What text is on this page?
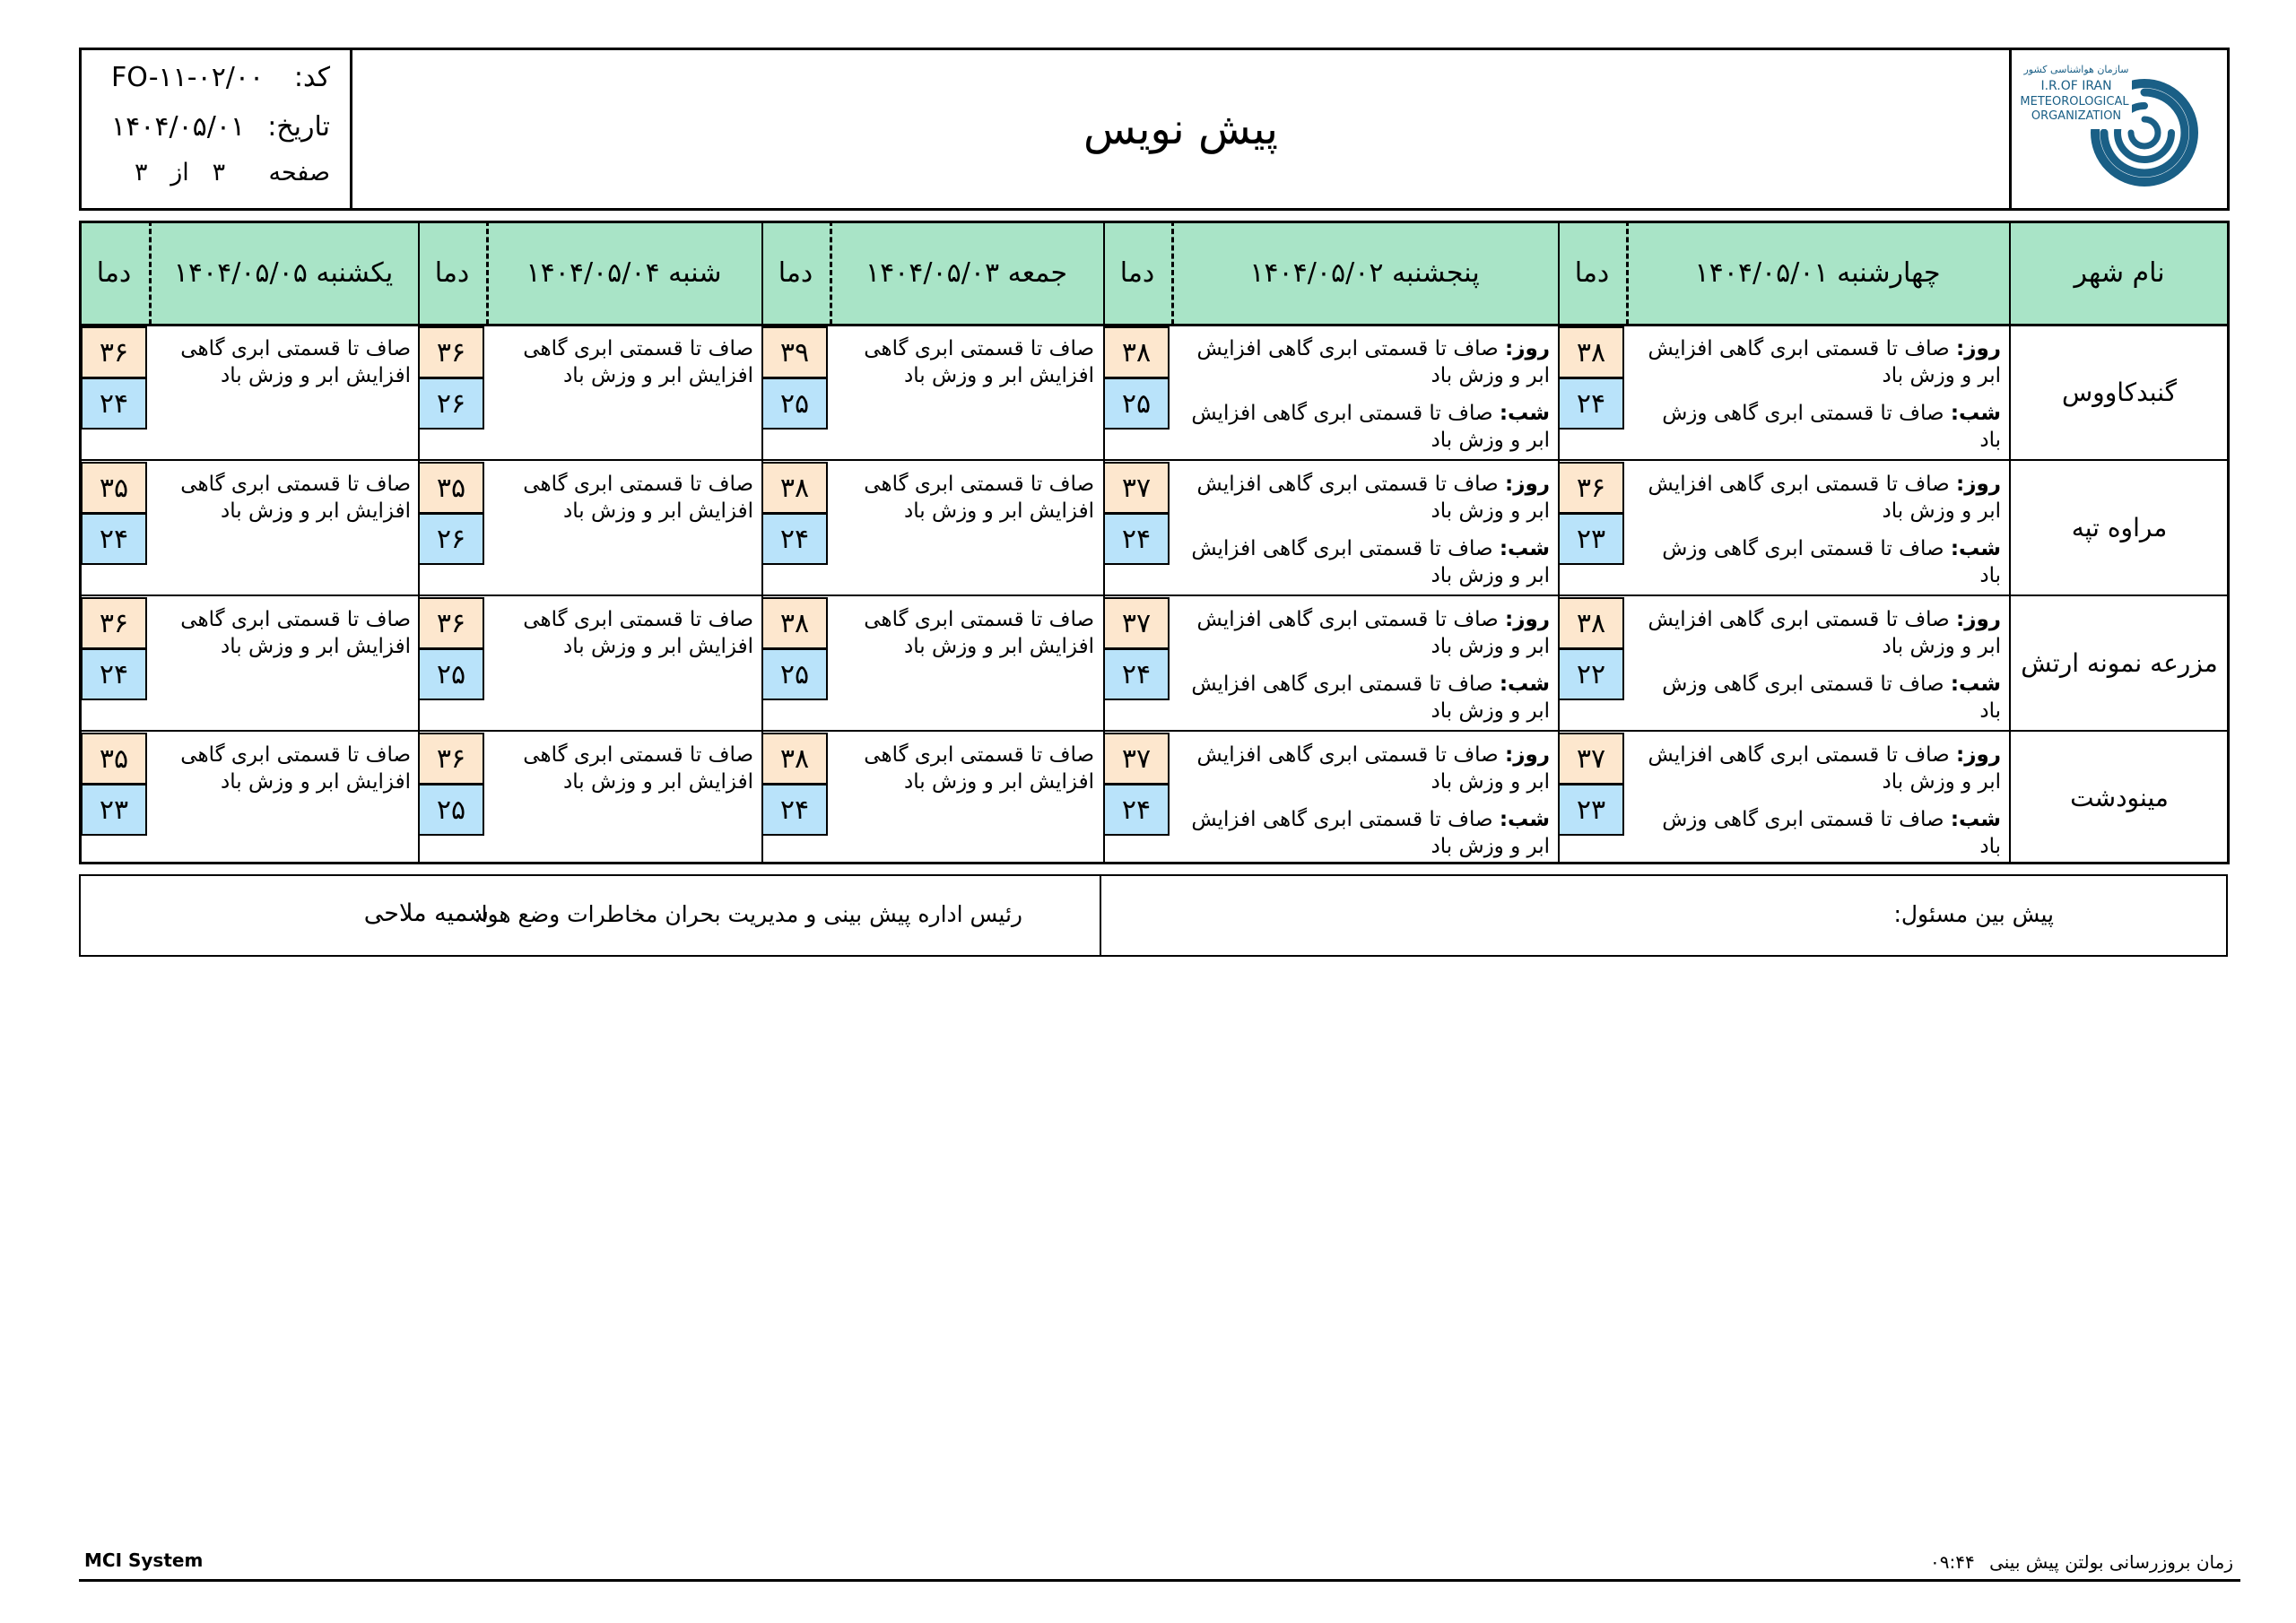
کد:
FO-۱۱-۰۲/۰۰
تاریخ:
۱۴۰۴/۰۵/۰۱
صفحه
۳   از   ۳
پیش نویس
سازمان هواشناسی کشور
I.R.OF IRAN
METEOROLOGICAL
ORGANIZATION
نام شهر
چهارشنبه ۱۴۰۴/۰۵/۰۱
دما
پنجشنبه ۱۴۰۴/۰۵/۰۲
دما
جمعه ۱۴۰۴/۰۵/۰۳
دما
شنبه ۱۴۰۴/۰۵/۰۴
دما
یکشنبه ۱۴۰۴/۰۵/۰۵
دما
گنبدکاووس
روز: صاف تا قسمتی ابری گاهی افزایش ابر و وزش باد
شب: صاف تا قسمتی ابری گاهی وزش باد
۳۸
۲۴
روز: صاف تا قسمتی ابری گاهی افزایش ابر و وزش باد
شب: صاف تا قسمتی ابری گاهی افزایش ابر و وزش باد
۳۸
۲۵
صاف تا قسمتی ابری گاهی افزایش ابر و وزش باد
۳۹
۲۵
صاف تا قسمتی ابری گاهی افزایش ابر و وزش باد
۳۶
۲۶
صاف تا قسمتی ابری گاهی افزایش ابر و وزش باد
۳۶
۲۴
مراوه تپه
روز: صاف تا قسمتی ابری گاهی افزایش ابر و وزش باد
شب: صاف تا قسمتی ابری گاهی وزش باد
۳۶
۲۳
روز: صاف تا قسمتی ابری گاهی افزایش ابر و وزش باد
شب: صاف تا قسمتی ابری گاهی افزایش ابر و وزش باد
۳۷
۲۴
صاف تا قسمتی ابری گاهی افزایش ابر و وزش باد
۳۸
۲۴
صاف تا قسمتی ابری گاهی افزایش ابر و وزش باد
۳۵
۲۶
صاف تا قسمتی ابری گاهی افزایش ابر و وزش باد
۳۵
۲۴
مزرعه نمونه ارتش
روز: صاف تا قسمتی ابری گاهی افزایش ابر و وزش باد
شب: صاف تا قسمتی ابری گاهی وزش باد
۳۸
۲۲
روز: صاف تا قسمتی ابری گاهی افزایش ابر و وزش باد
شب: صاف تا قسمتی ابری گاهی افزایش ابر و وزش باد
۳۷
۲۴
صاف تا قسمتی ابری گاهی افزایش ابر و وزش باد
۳۸
۲۵
صاف تا قسمتی ابری گاهی افزایش ابر و وزش باد
۳۶
۲۵
صاف تا قسمتی ابری گاهی افزایش ابر و وزش باد
۳۶
۲۴
مینودشت
روز: صاف تا قسمتی ابری گاهی افزایش ابر و وزش باد
شب: صاف تا قسمتی ابری گاهی وزش باد
۳۷
۲۳
روز: صاف تا قسمتی ابری گاهی افزایش ابر و وزش باد
شب: صاف تا قسمتی ابری گاهی افزایش ابر و وزش باد
۳۷
۲۴
صاف تا قسمتی ابری گاهی افزایش ابر و وزش باد
۳۸
۲۴
صاف تا قسمتی ابری گاهی افزایش ابر و وزش باد
۳۶
۲۵
صاف تا قسمتی ابری گاهی افزایش ابر و وزش باد
۳۵
۲۳
پیش بین مسئول:
رئیس اداره پیش بینی و مدیریت بحران مخاطرات وضع هوا:
سمیه ملاحی
MCI System	زمان بروزرسانی بولتن پیش بینی ۰۹:۴۴
